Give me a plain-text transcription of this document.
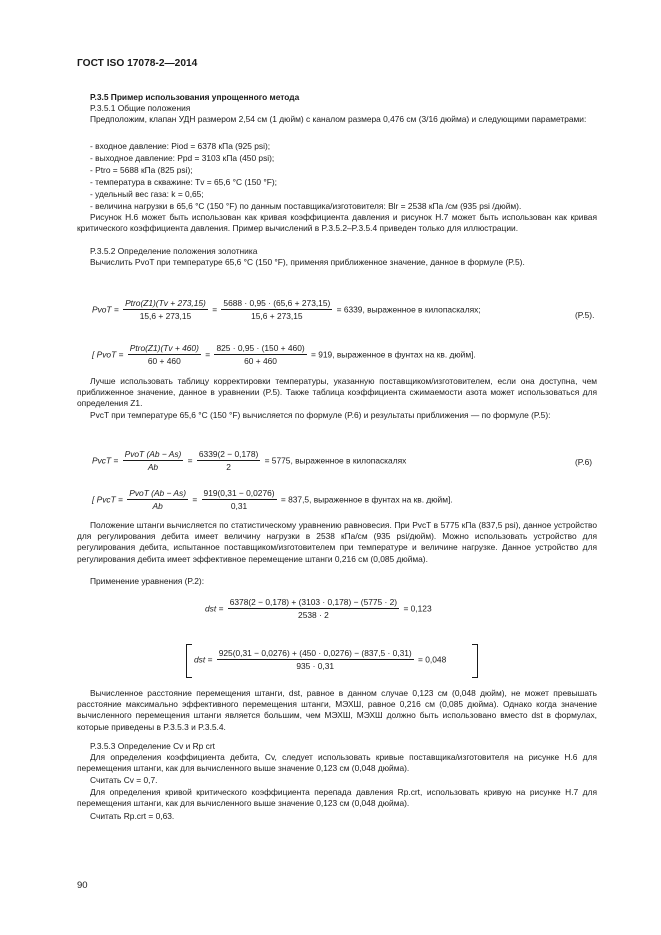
ГОСТ ISO 17078-2—2014
P.3.5 Пример использования упрощенного метода
P.3.5.1 Общие положения
Предположим, клапан УДН размером 2,54 см (1 дюйм) с каналом размера 0,476 см (3/16 дюйма) и следующими параметрами:
- входное давление: Pіod = 6378 кПа (925 psi);
- выходное давление: Ppd = 3103 кПа (450 psi);
- Ptro = 5688 кПа (825 psi);
- температура в скважине: Tv = 65,6 °C (150 °F);
- удельный вес газа: k = 0,65;
- величина нагрузки в 65,6 °C (150 °F) по данным поставщика/изготовителя: Blr = 2538 кПа /см (935 psi /дюйм).
Рисунок Н.6 может быть использован как кривая коэффициента давления и рисунок Н.7 может быть использован как кривая критического коэффициента давления. Пример вычислений в P.3.5.2–P.3.5.4 приведен только для иллюстрации.
P.3.5.2 Определение положения золотника
Вычислить PvoT при температуре 65,6 °C (150 °F), применяя приближенное значение, данное в формуле (P.5).
PvoT = $\frac{\text{Ptro(Z1)(Tv + 273,15)}}{15,6 + 273,15} = \frac{5688 \cdot 0,95 \cdot (65,6 + 273,15)}{15,6 + 273,15} = 6339$, выраженное в килопаскалях;
(P.5).
[ PvoT = $\frac{\text{Ptro(Z1)(Tv + 460)}}{60 + 460} = \frac{825 \cdot 0,95 \cdot (150 + 460)}{60 + 460} = 919$, выраженное в фунтах на кв. дюйм].
Лучше использовать таблицу корректировки температуры, указанную поставщиком/изготовителем, если она доступна, чем приближенное значение, данное в уравнении (P.5). Также таблица коэффициента сжимаемости азота может использоваться для определения Z1.
PvcT при температуре 65,6 °C (150 °F) вычисляется по формуле (P.6) и результаты приближения — по формуле (P.5):
PvcT = $\frac{\text{PvoT (Ab − As)}}{Ab} = \frac{6339(2 - 0,178)}{2} = 5775$, выраженное в килопаскалях	(P.6)
[ PvcT = $\frac{\text{PvoT (Ab − As)}}{Ab} = \frac{919(0,31 - 0,0276)}{0,31} = 837,5$, выраженное в фунтах на кв. дюйм].
Положение штанги вычисляется по статистическому уравнению равновесия. При PvcT в 5775 кПа (837,5 psi), данное устройство для регулирования дебита имеет величину нагрузки в 2538 кПа/см (935 psi/дюйм). Можно использовать устройство для регулирования дебита, испытанное поставщиком/изготовителем при температуре и величине нагрузке. Данное устройство для регулирования дебита имеет эффективное перемещение штанги 0,216 см (0,085 дюйма).
Применение уравнения (P.2):
dst = $\frac{6378(2 - 0,178) + (3103 \cdot 0,178) - (5775 \cdot 2)}{2538 \cdot 2} = 0,123$
dst = $\frac{925(0,31 - 0,0276) + (450 \cdot 0,0276) - (837,5 \cdot 0,31)}{935 \cdot 0,31} = 0,048$
Вычисленное расстояние перемещения штанги, dst, равное в данном случае 0,123 см (0,048 дюйм), не может превышать расстояние максимально эффективного перемещения штанги, МЭХШ, равное 0,216 см (0,085 дюйма). Однако когда значение вычисленного перемещения штанги является большим, чем МЭХШ, МЭХШ должно быть использовано вместо dst в формулах, которые приведены в P.3.5.3 и P.3.5.4.
P.3.5.3 Определение Cv и Rp crt
Для определения коэффициента дебита, Cv, следует использовать кривые поставщика/изготовителя на рисунке Н.6 для перемещения штанги, как для вычисленного выше значение 0,123 см (0,048 дюйма).
Считать Cv = 0,7.
Для определения кривой критического коэффициента перепада давления Rp.crt, использовать кривую на рисунке Н.7 для перемещения штанги, как для вычисленного выше значение 0,123 см (0,048 дюйма).
Считать Rp.crt = 0,63.
90
